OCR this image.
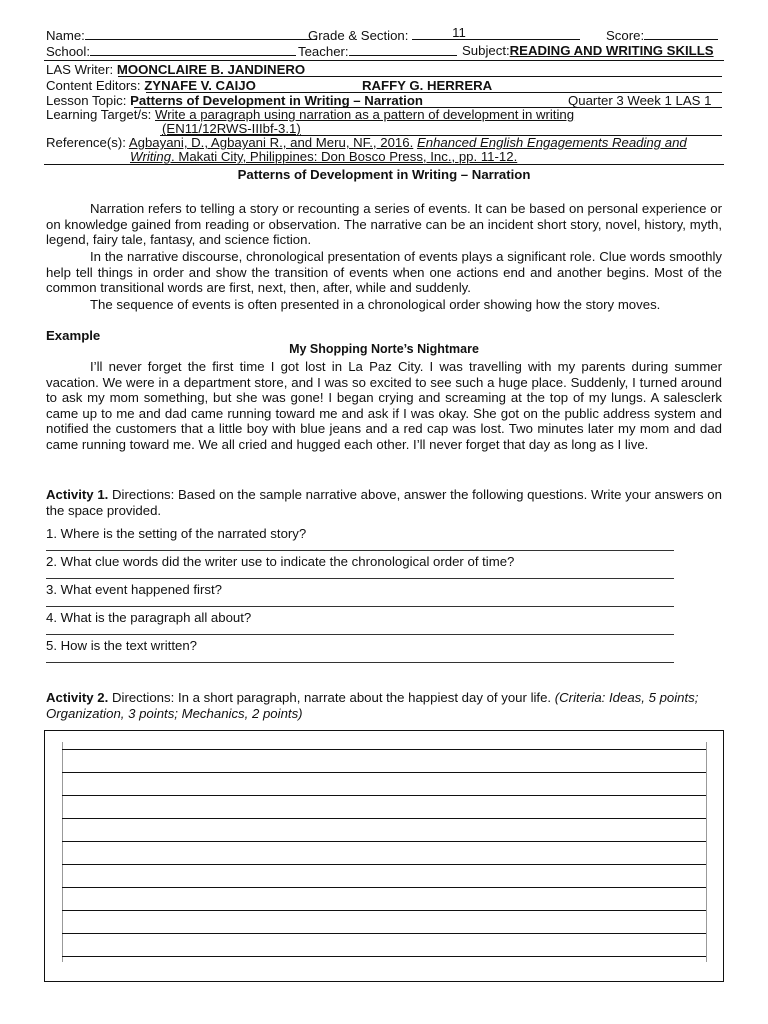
Name:	Grade & Section:	11	Score:
School:	Teacher:	Subject:READING AND WRITING SKILLS
LAS Writer: MOONCLAIRE B. JANDINERO
Content Editors: ZYNAFE V. CAIJO	RAFFY G. HERRERA
Lesson Topic: Patterns of Development in Writing – Narration	Quarter 3 Week 1 LAS 1
Learning Target/s: Write a paragraph using narration as a pattern of development in writing
(EN11/12RWS-IIIbf-3.1)
Reference(s): Agbayani, D., Agbayani R., and Meru, NF., 2016. Enhanced English Engagements Reading and
Writing. Makati City, Philippines: Don Bosco Press, Inc., pp. 11-12.
Patterns of Development in Writing – Narration
Narration refers to telling a story or recounting a series of events. It can be based on personal experience or on knowledge gained from reading or observation. The narrative can be an incident short story, novel, history, myth, legend, fairy tale, fantasy, and science fiction.
In the narrative discourse, chronological presentation of events plays a significant role. Clue words smoothly help tell things in order and show the transition of events when one actions end and another begins. Most of the common transitional words are first, next, then, after, while and suddenly.
The sequence of events is often presented in a chronological order showing how the story moves.
Example
My Shopping Norte’s Nightmare
I’ll never forget the first time I got lost in La Paz City. I was travelling with my parents during summer vacation. We were in a department store, and I was so excited to see such a huge place. Suddenly, I turned around to ask my mom something, but she was gone! I began crying and screaming at the top of my lungs. A salesclerk came up to me and dad came running toward me and ask if I was okay. She got on the public address system and notified the customers that a little boy with blue jeans and a red cap was lost. Two minutes later my mom and dad came running toward me. We all cried and hugged each other. I’ll never forget that day as long as I live.
Activity 1. Directions: Based on the sample narrative above, answer the following questions. Write your answers on the space provided.
1. Where is the setting of the narrated story?
2. What clue words did the writer use to indicate the chronological order of time?
3. What event happened first?
4. What is the paragraph all about?
5. How is the text written?
Activity 2. Directions: In a short paragraph, narrate about the happiest day of your life. (Criteria: Ideas, 5 points; Organization, 3 points; Mechanics, 2 points)
